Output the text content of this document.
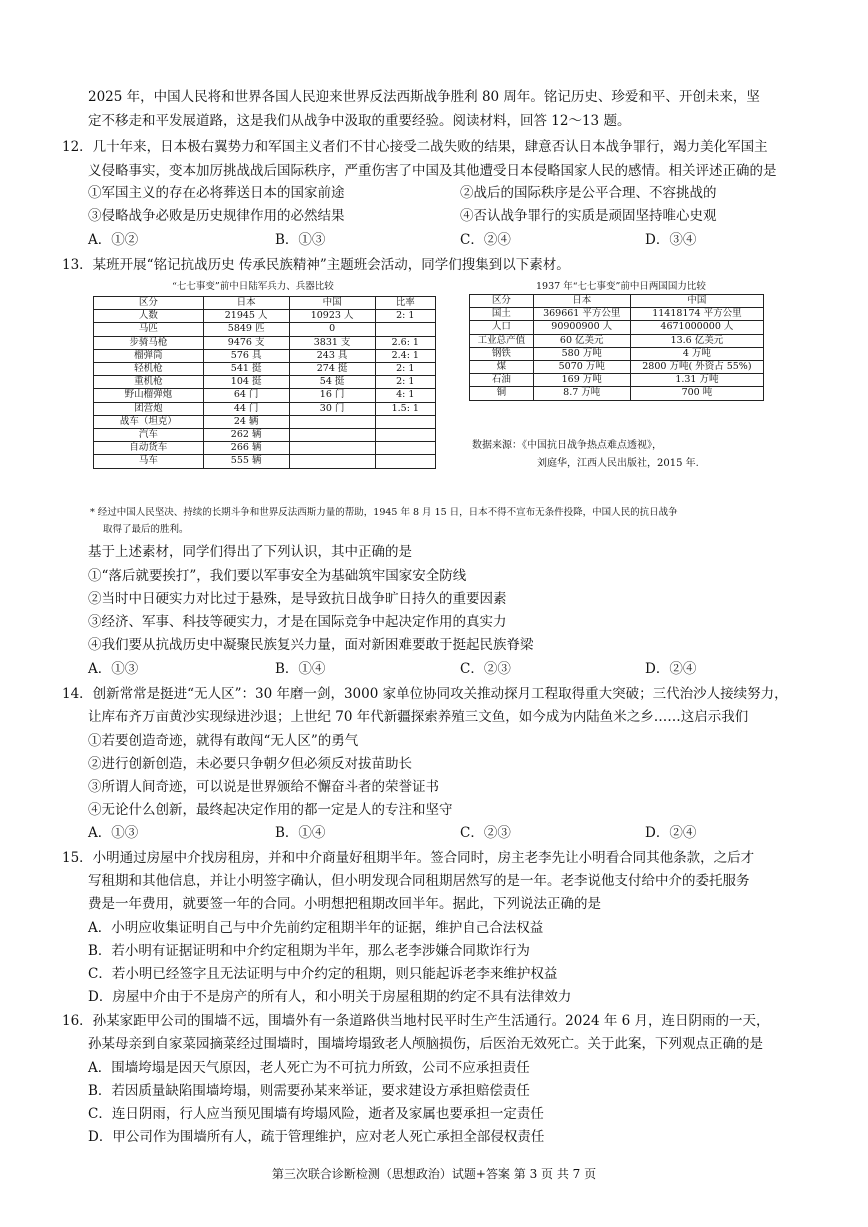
2025 年，中国人民将和世界各国人民迎来世界反法西斯战争胜利 80 周年。铭记历史、珍爱和平、开创未来，坚
定不移走和平发展道路，这是我们从战争中汲取的重要经验。阅读材料，回答 12～13 题。
12．几十年来，日本极右翼势力和军国主义者们不甘心接受二战失败的结果，肆意否认日本战争罪行，竭力美化军国主
义侵略事实，变本加厉挑战战后国际秩序，严重伤害了中国及其他遭受日本侵略国家人民的感情。相关评述正确的是
①军国主义的存在必将葬送日本的国家前途	②战后的国际秩序是公平合理、不容挑战的
③侵略战争必败是历史规律作用的必然结果	④否认战争罪行的实质是顽固坚持唯心史观
A．①②	B．①③	C．②④	D．③④
13．某班开展“铭记抗战历史 传承民族精神”主题班会活动，同学们搜集到以下素材。
“七七事变”前中日陆军兵力、兵器比较
区分	日本	中国	比率
人数	21945 人	10923 人	2: 1
马匹	5849 匹	0	
步骑马枪	9476 支	3831 支	2.6: 1
榴弹筒	576 具	243 具	2.4: 1
轻机枪	541 挺	274 挺	2: 1
重机枪	104 挺	54 挺	2: 1
野山榴弹炮	64 门	16 门	4: 1
团营炮	44 门	30 门	1.5: 1
战车（坦克）	24 辆		
汽车	262 辆		
自动货车	266 辆		
马车	555 辆		
1937 年“七七事变”前中日两国国力比较
区分	日本	中国
国土	369661 平方公里	11418174 平方公里
人口	90900900 人	4671000000 人
工业总产值	60 亿美元	13.6 亿美元
钢铁	580 万吨	4 万吨
煤	5070 万吨	2800 万吨( 外资占 55%)
石油	169 万吨	1.31 万吨
铜	8.7 万吨	700 吨
数据来源：《中国抗日战争热点难点透视》，
刘庭华，江西人民出版社，2015 年.
* 经过中国人民坚决、持续的长期斗争和世界反法西斯力量的帮助，1945 年 8 月 15 日，日本不得不宣布无条件投降，中国人民的抗日战争
取得了最后的胜利。
基于上述素材，同学们得出了下列认识，其中正确的是
①“落后就要挨打”，我们要以军事安全为基础筑牢国家安全防线
②当时中日硬实力对比过于悬殊，是导致抗日战争旷日持久的重要因素
③经济、军事、科技等硬实力，才是在国际竞争中起决定作用的真实力
④我们要从抗战历史中凝聚民族复兴力量，面对新困难要敢于挺起民族脊梁
A．①③	B．①④	C．②③	D．②④
14．创新常常是挺进“无人区”：30 年磨一剑，3000 家单位协同攻关推动探月工程取得重大突破；三代治沙人接续努力，
让库布齐万亩黄沙实现绿进沙退；上世纪 70 年代新疆探索养殖三文鱼，如今成为内陆鱼米之乡……这启示我们
①若要创造奇迹，就得有敢闯“无人区”的勇气
②进行创新创造，未必要只争朝夕但必须反对拔苗助长
③所谓人间奇迹，可以说是世界颁给不懈奋斗者的荣誉证书
④无论什么创新，最终起决定作用的都一定是人的专注和坚守
A．①③	B．①④	C．②③	D．②④
15．小明通过房屋中介找房租房，并和中介商量好租期半年。签合同时，房主老李先让小明看合同其他条款，之后才
写租期和其他信息，并让小明签字确认，但小明发现合同租期居然写的是一年。老李说他支付给中介的委托服务
费是一年费用，就要签一年的合同。小明想把租期改回半年。据此，下列说法正确的是
A．小明应收集证明自己与中介先前约定租期半年的证据，维护自己合法权益
B．若小明有证据证明和中介约定租期为半年，那么老李涉嫌合同欺诈行为
C．若小明已经签字且无法证明与中介约定的租期，则只能起诉老李来维护权益
D．房屋中介由于不是房产的所有人，和小明关于房屋租期的约定不具有法律效力
16．孙某家距甲公司的围墙不远，围墙外有一条道路供当地村民平时生产生活通行。2024 年 6 月，连日阴雨的一天，
孙某母亲到自家菜园摘菜经过围墙时，围墙垮塌致老人颅脑损伤，后医治无效死亡。关于此案，下列观点正确的是
A．围墙垮塌是因天气原因，老人死亡为不可抗力所致，公司不应承担责任
B．若因质量缺陷围墙垮塌，则需要孙某来举证，要求建设方承担赔偿责任
C．连日阴雨，行人应当预见围墙有垮塌风险，逝者及家属也要承担一定责任
D．甲公司作为围墙所有人，疏于管理维护，应对老人死亡承担全部侵权责任
第三次联合诊断检测（思想政治）试题+答案 第 3 页 共 7 页
